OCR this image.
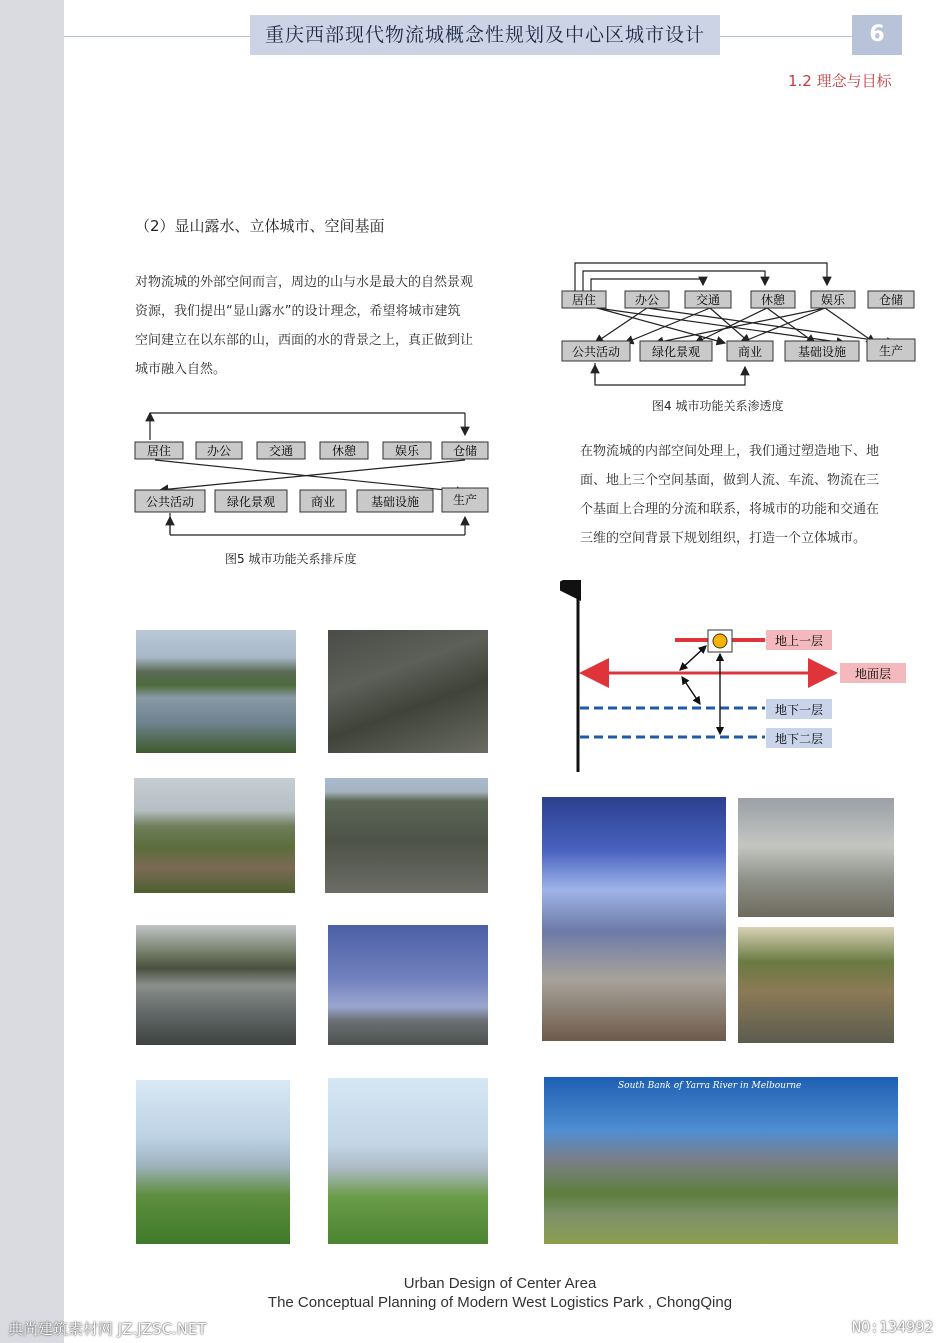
重庆西部现代物流城概念性规划及中心区城市设计	6
1.2 理念与目标
（2）显山露水、立体城市、空间基面
对物流城的外部空间而言，周边的山与水是最大的自然景观
资源，我们提出“显山露水”的设计理念，希望将城市建筑
空间建立在以东部的山，西面的水的背景之上，真正做到让
城市融入自然。
在物流城的内部空间处理上，我们通过塑造地下、地
面、地上三个空间基面，做到人流、车流、物流在三
个基面上合理的分流和联系，将城市的功能和交通在
三维的空间背景下规划组织，打造一个立体城市。
居住	办公	交通	休憩	娱乐	仓储
公共活动	绿化景观	商业	基础设施	生产
图4 城市功能关系渗透度
居住	办公	交通	休憩	娱乐	仓储
公共活动	绿化景观	商业	基础设施	生产
图5 城市功能关系排斥度
地上一层
地面层
地下一层
地下二层
South Bank of Yarra River in Melbourne
Urban Design of Center Area
The Conceptual Planning of Modern West Logistics Park , ChongQing
典尚建筑素材网 JZ.JZSC.NET	NO:134992
